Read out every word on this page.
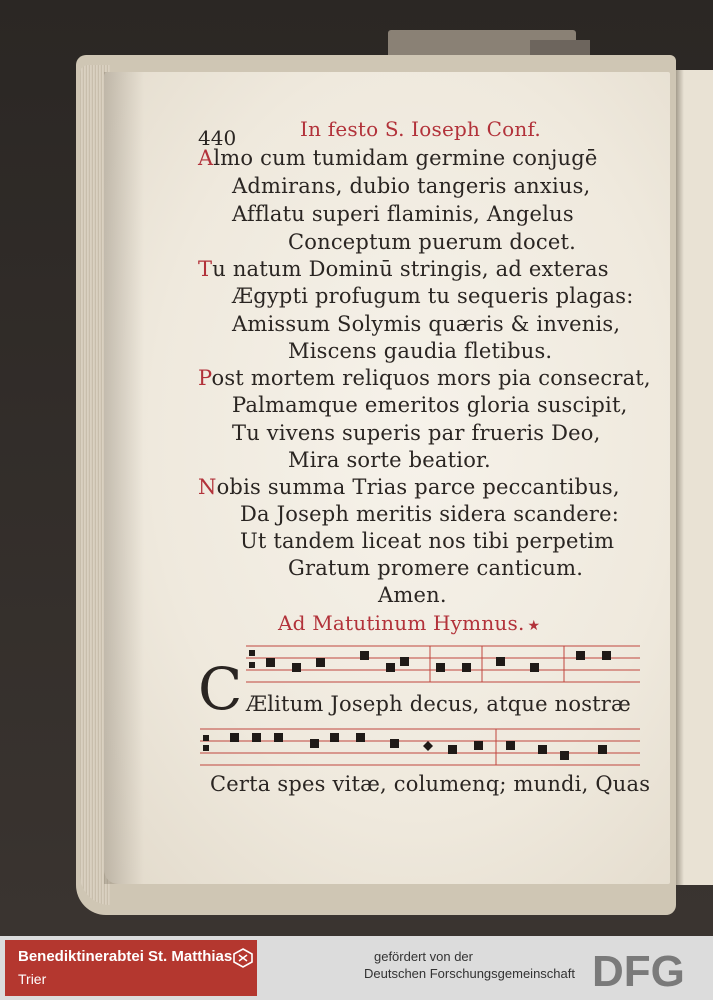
440	In festo S. Ioseph Conf.
Almo cum tumidam germine conjugē
Admirans, dubio tangeris anxius,
Afflatu superi flaminis, Angelus
Conceptum puerum docet.
Tu natum Dominū stringis, ad exteras
Ægypti profugum tu sequeris plagas:
Amissum Solymis quæris & invenis,
Miscens gaudia fletibus.
Post mortem reliquos mors pia consecrat,
Palmamque emeritos gloria suscipit,
Tu vivens superis par frueris Deo,
Mira sorte beatior.
Nobis summa Trias parce peccantibus,
Da Joseph meritis sidera scandere:
Ut tandem liceat nos tibi perpetim
Gratum promere canticum.
Amen.
Ad Matutinum Hymnus. ★
C Ælitum Joseph decus, atque nostræ
Certa spes vitæ, columenq; mundi, Quas
Benediktinerabtei St. Matthias
Trier
gefördert von der
Deutschen Forschungsgemeinschaft DFG
